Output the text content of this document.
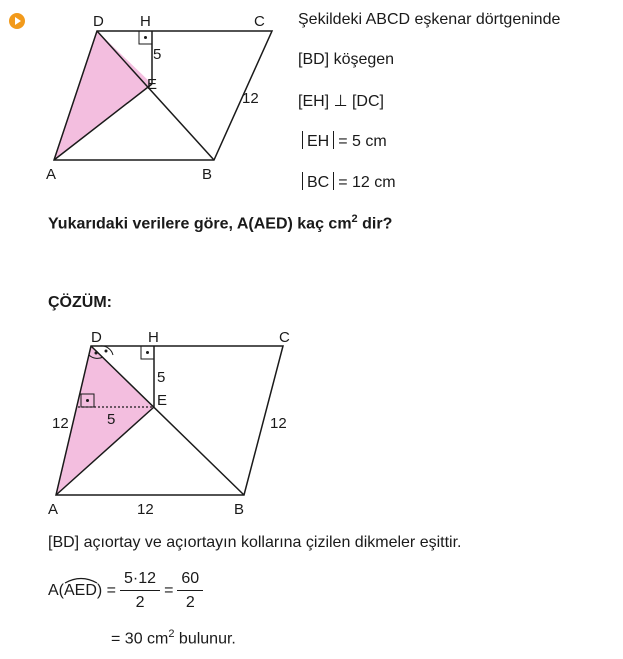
D H	C
E
5
12
A	B
Şekildeki ABCD eşkenar dörtgeninde
[BD] köşegen
[EH] ⊥ [DC]
EH = 5 cm
BC = 12 cm
Yukarıdaki verilere göre, A(AED) kaç $cm^2$ dir?
ÇÖZÜM:
D	H	C
5
E
5
12	12
A	12	B
[BD] açıortay ve açıortayın kollarına çizilen dikmeler eşittir.
A( AED ) = $\frac{5\cdot 12}{2} = \frac{60}{2}$
= 30 $cm^2$ bulunur.
